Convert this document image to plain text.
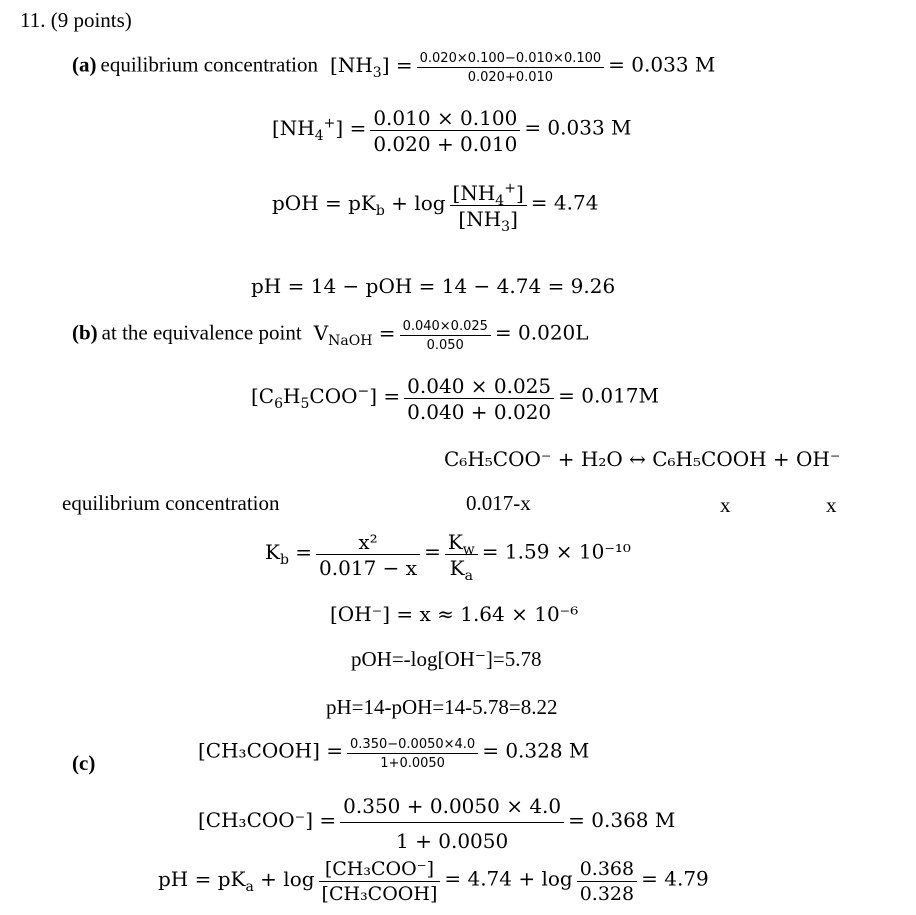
11. (9 points)
(a) equilibrium concentration $[NH_3] = \frac{0.020\times 0.100-0.010\times 0.100}{0.020+0.010} = 0.033$ M
$[NH_4^+] = \frac{0.010 \times 0.100}{0.020 + 0.010} = 0.033$ M
pOH = $pK_b + \log \frac{[NH_4^+]}{[NH_3]} = 4.74$
pH = 14 − pOH = 14 − 4.74 = 9.26
(b) at the equivalence point $V_{NaOH} = \frac{0.040\times 0.025}{0.050} = 0.020L$
$[C_6H_5COO^-] = \frac{0.040 \times 0.025}{0.040 + 0.020} = 0.017M$
C₆H₅COO⁻ + H₂O ↔ C₆H₅COOH + OH⁻
equilibrium concentration	0.017-x	x	x
$K_b = \frac{\text{x²}}{0.017 - x} = \frac{K_w}{K_a} = 1.59 \times 10^{-10}$
[OH⁻] = x ≈ 1.64 × 10⁻⁶
pOH=-log[OH⁻]=5.78
pH=14-pOH=14-5.78=8.22
(c)
[CH₃COOH] = $\frac{0.350-0.0050\times 4.0}{1+0.0050} = 0.328$ M
$[CH_3COO^-] = \frac{0.350 + 0.0050 \times 4.0}{1 + 0.0050} = 0.368$ M
pH = $pK_a + \log \frac{\text{[CH₃COO⁻]}}{\text{[CH₃COOH]}} = 4.74 + \log \frac{0.368}{0.328} = 4.79$
